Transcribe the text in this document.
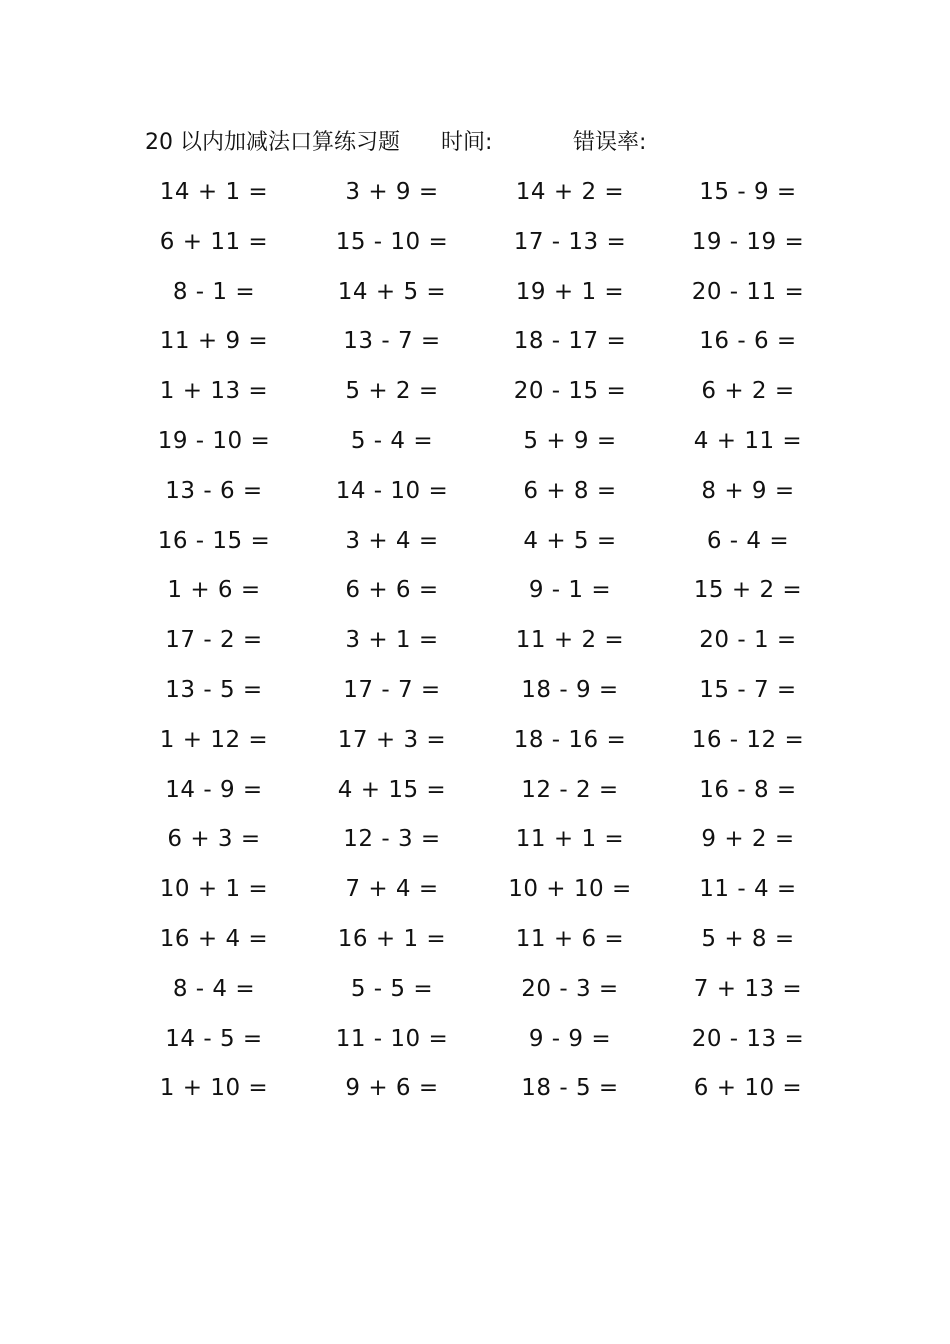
20 以内加减法口算练习题 时间:	错误率:
14 + 1 =	3 + 9 =	14 + 2 =	15 - 9 =
6 + 11 =	15 - 10 =	17 - 13 =	19 - 19 =
8 - 1 =	14 + 5 =	19 + 1 =	20 - 11 =
11 + 9 =	13 - 7 =	18 - 17 =	16 - 6 =
1 + 13 =	5 + 2 =	20 - 15 =	6 + 2 =
19 - 10 =	5 - 4 =	5 + 9 =	4 + 11 =
13 - 6 =	14 - 10 =	6 + 8 =	8 + 9 =
16 - 15 =	3 + 4 =	4 + 5 =	6 - 4 =
1 + 6 =	6 + 6 =	9 - 1 =	15 + 2 =
17 - 2 =	3 + 1 =	11 + 2 =	20 - 1 =
13 - 5 =	17 - 7 =	18 - 9 =	15 - 7 =
1 + 12 =	17 + 3 =	18 - 16 =	16 - 12 =
14 - 9 =	4 + 15 =	12 - 2 =	16 - 8 =
6 + 3 =	12 - 3 =	11 + 1 =	9 + 2 =
10 + 1 =	7 + 4 =	10 + 10 =	11 - 4 =
16 + 4 =	16 + 1 =	11 + 6 =	5 + 8 =
8 - 4 =	5 - 5 =	20 - 3 =	7 + 13 =
14 - 5 =	11 - 10 =	9 - 9 =	20 - 13 =
1 + 10 =	9 + 6 =	18 - 5 =	6 + 10 =
